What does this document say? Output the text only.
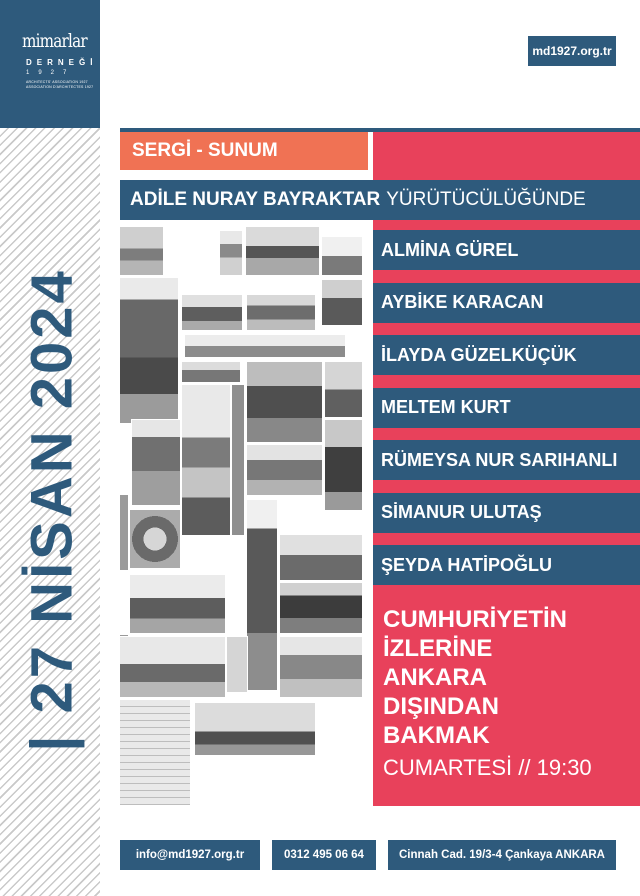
mimarlar
DERNEĞİ
1927
ARCHITECTS' ASSOCIATION 1927
ASSOCIATION D'ARCHITECTES 1927
| 27 NİSAN 2024
md1927.org.tr
SERGİ - SUNUM
ADİLE NURAY BAYRAKTAR YÜRÜTÜCÜLÜĞÜNDE
ALMİNA GÜREL
AYBİKE KARACAN
İLAYDA GÜZELKÜÇÜK
MELTEM KURT
RÜMEYSA NUR SARIHANLI
SİMANUR ULUTAŞ
ŞEYDA HATİPOĞLU
CUMHURİYETİN
İZLERİNE
ANKARA
DIŞINDAN
BAKMAK
CUMARTESİ // 19:30
info@md1927.org.tr	0312 495 06 64	Cinnah Cad. 19/3-4 Çankaya ANKARA
